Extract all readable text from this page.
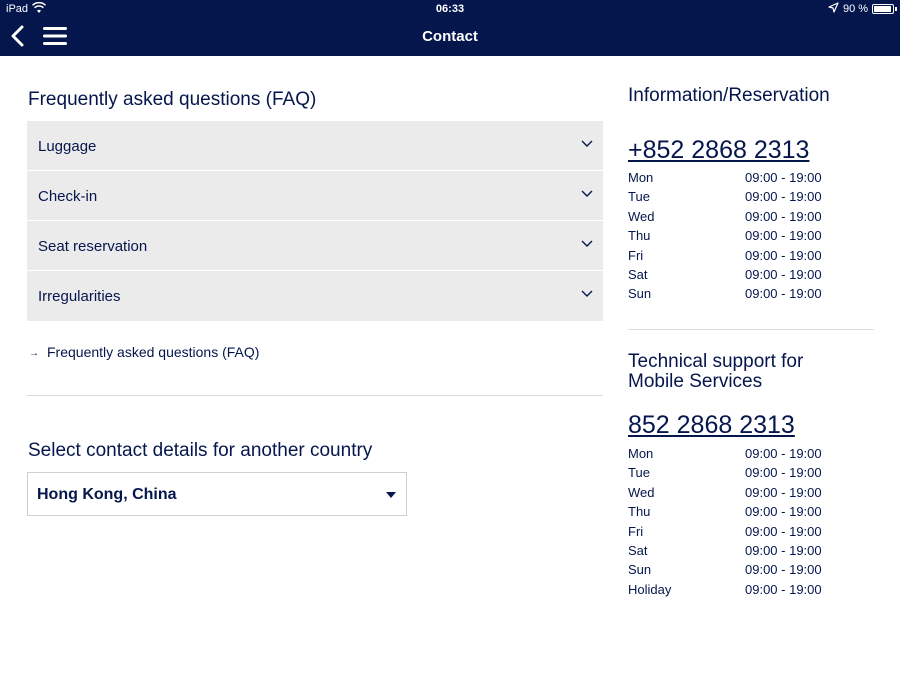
iPad	06:33	90 %
Contact
Frequently asked questions (FAQ)
Luggage
Check-in
Seat reservation
Irregularities
→ Frequently asked questions (FAQ)
Select contact details for another country
Hong Kong, China
Information/Reservation
+852 2868 2313
Mon	09:00 - 19:00
Tue	09:00 - 19:00
Wed	09:00 - 19:00
Thu	09:00 - 19:00
Fri	09:00 - 19:00
Sat	09:00 - 19:00
Sun	09:00 - 19:00
Technical support for
Mobile Services
852 2868 2313
Mon	09:00 - 19:00
Tue	09:00 - 19:00
Wed	09:00 - 19:00
Thu	09:00 - 19:00
Fri	09:00 - 19:00
Sat	09:00 - 19:00
Sun	09:00 - 19:00
Holiday	09:00 - 19:00
